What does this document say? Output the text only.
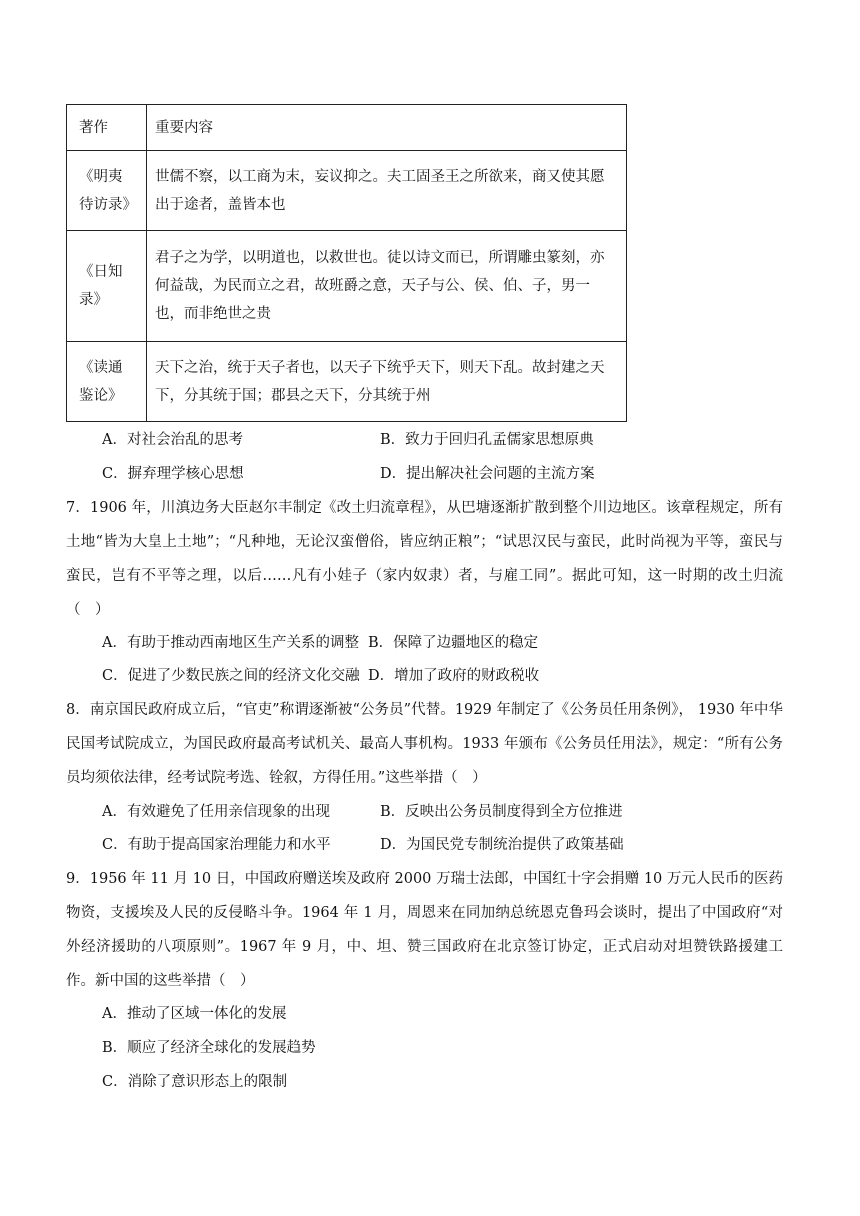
著作	重要内容

《明夷
待访录》	世儒不察，以工商为末，妄议抑之。夫工固圣王之所欲来，商又使其愿出于途者，盖皆本也

《日知
录》	君子之为学，以明道也，以救世也。徒以诗文而已，所谓雕虫篆刻，亦何益哉，为民而立之君，故班爵之意，天子与公、侯、伯、子，男一也，而非绝世之贵

《读通
鉴论》	天下之治，统于天子者也，以天子下统乎天下，则天下乱。故封建之天下，分其统于国；郡县之天下，分其统于州
A．对社会治乱的思考	B．致力于回归孔孟儒家思想原典
C．摒弃理学核心思想	D．提出解决社会问题的主流方案
7．1906 年，川滇边务大臣赵尔丰制定《改土归流章程》，从巴塘逐渐扩散到整个川边地区。该章程规定，所有土地“皆为大皇上土地”；“凡种地，无论汉蛮僧俗，皆应纳正粮”；“试思汉民与蛮民，此时尚视为平等，蛮民与蛮民，岂有不平等之理，以后……凡有小娃子（家内奴隶）者，与雇工同”。据此可知，这一时期的改土归流（　）
A．有助于推动西南地区生产关系的调整 B．保障了边疆地区的稳定
C．促进了少数民族之间的经济文化交融 D．增加了政府的财政税收
8．南京国民政府成立后，“官吏”称谓逐渐被“公务员”代替。1929 年制定了《公务员任用条例》， 1930 年中华民国考试院成立，为国民政府最高考试机关、最高人事机构。1933 年颁布《公务员任用法》，规定：“所有公务员均须依法律，经考试院考选、铨叙，方得任用。”这些举措（　）
A．有效避免了任用亲信现象的出现	B．反映出公务员制度得到全方位推进
C．有助于提高国家治理能力和水平	D．为国民党专制统治提供了政策基础
9．1956 年 11 月 10 日，中国政府赠送埃及政府 2000 万瑞士法郎，中国红十字会捐赠 10 万元人民币的医药物资，支援埃及人民的反侵略斗争。1964 年 1 月，周恩来在同加纳总统恩克鲁玛会谈时，提出了中国政府“对外经济援助的八项原则”。1967 年 9 月，中、坦、赞三国政府在北京签订协定，正式启动对坦赞铁路援建工作。新中国的这些举措（　）
A．推动了区域一体化的发展
B．顺应了经济全球化的发展趋势
C．消除了意识形态上的限制
